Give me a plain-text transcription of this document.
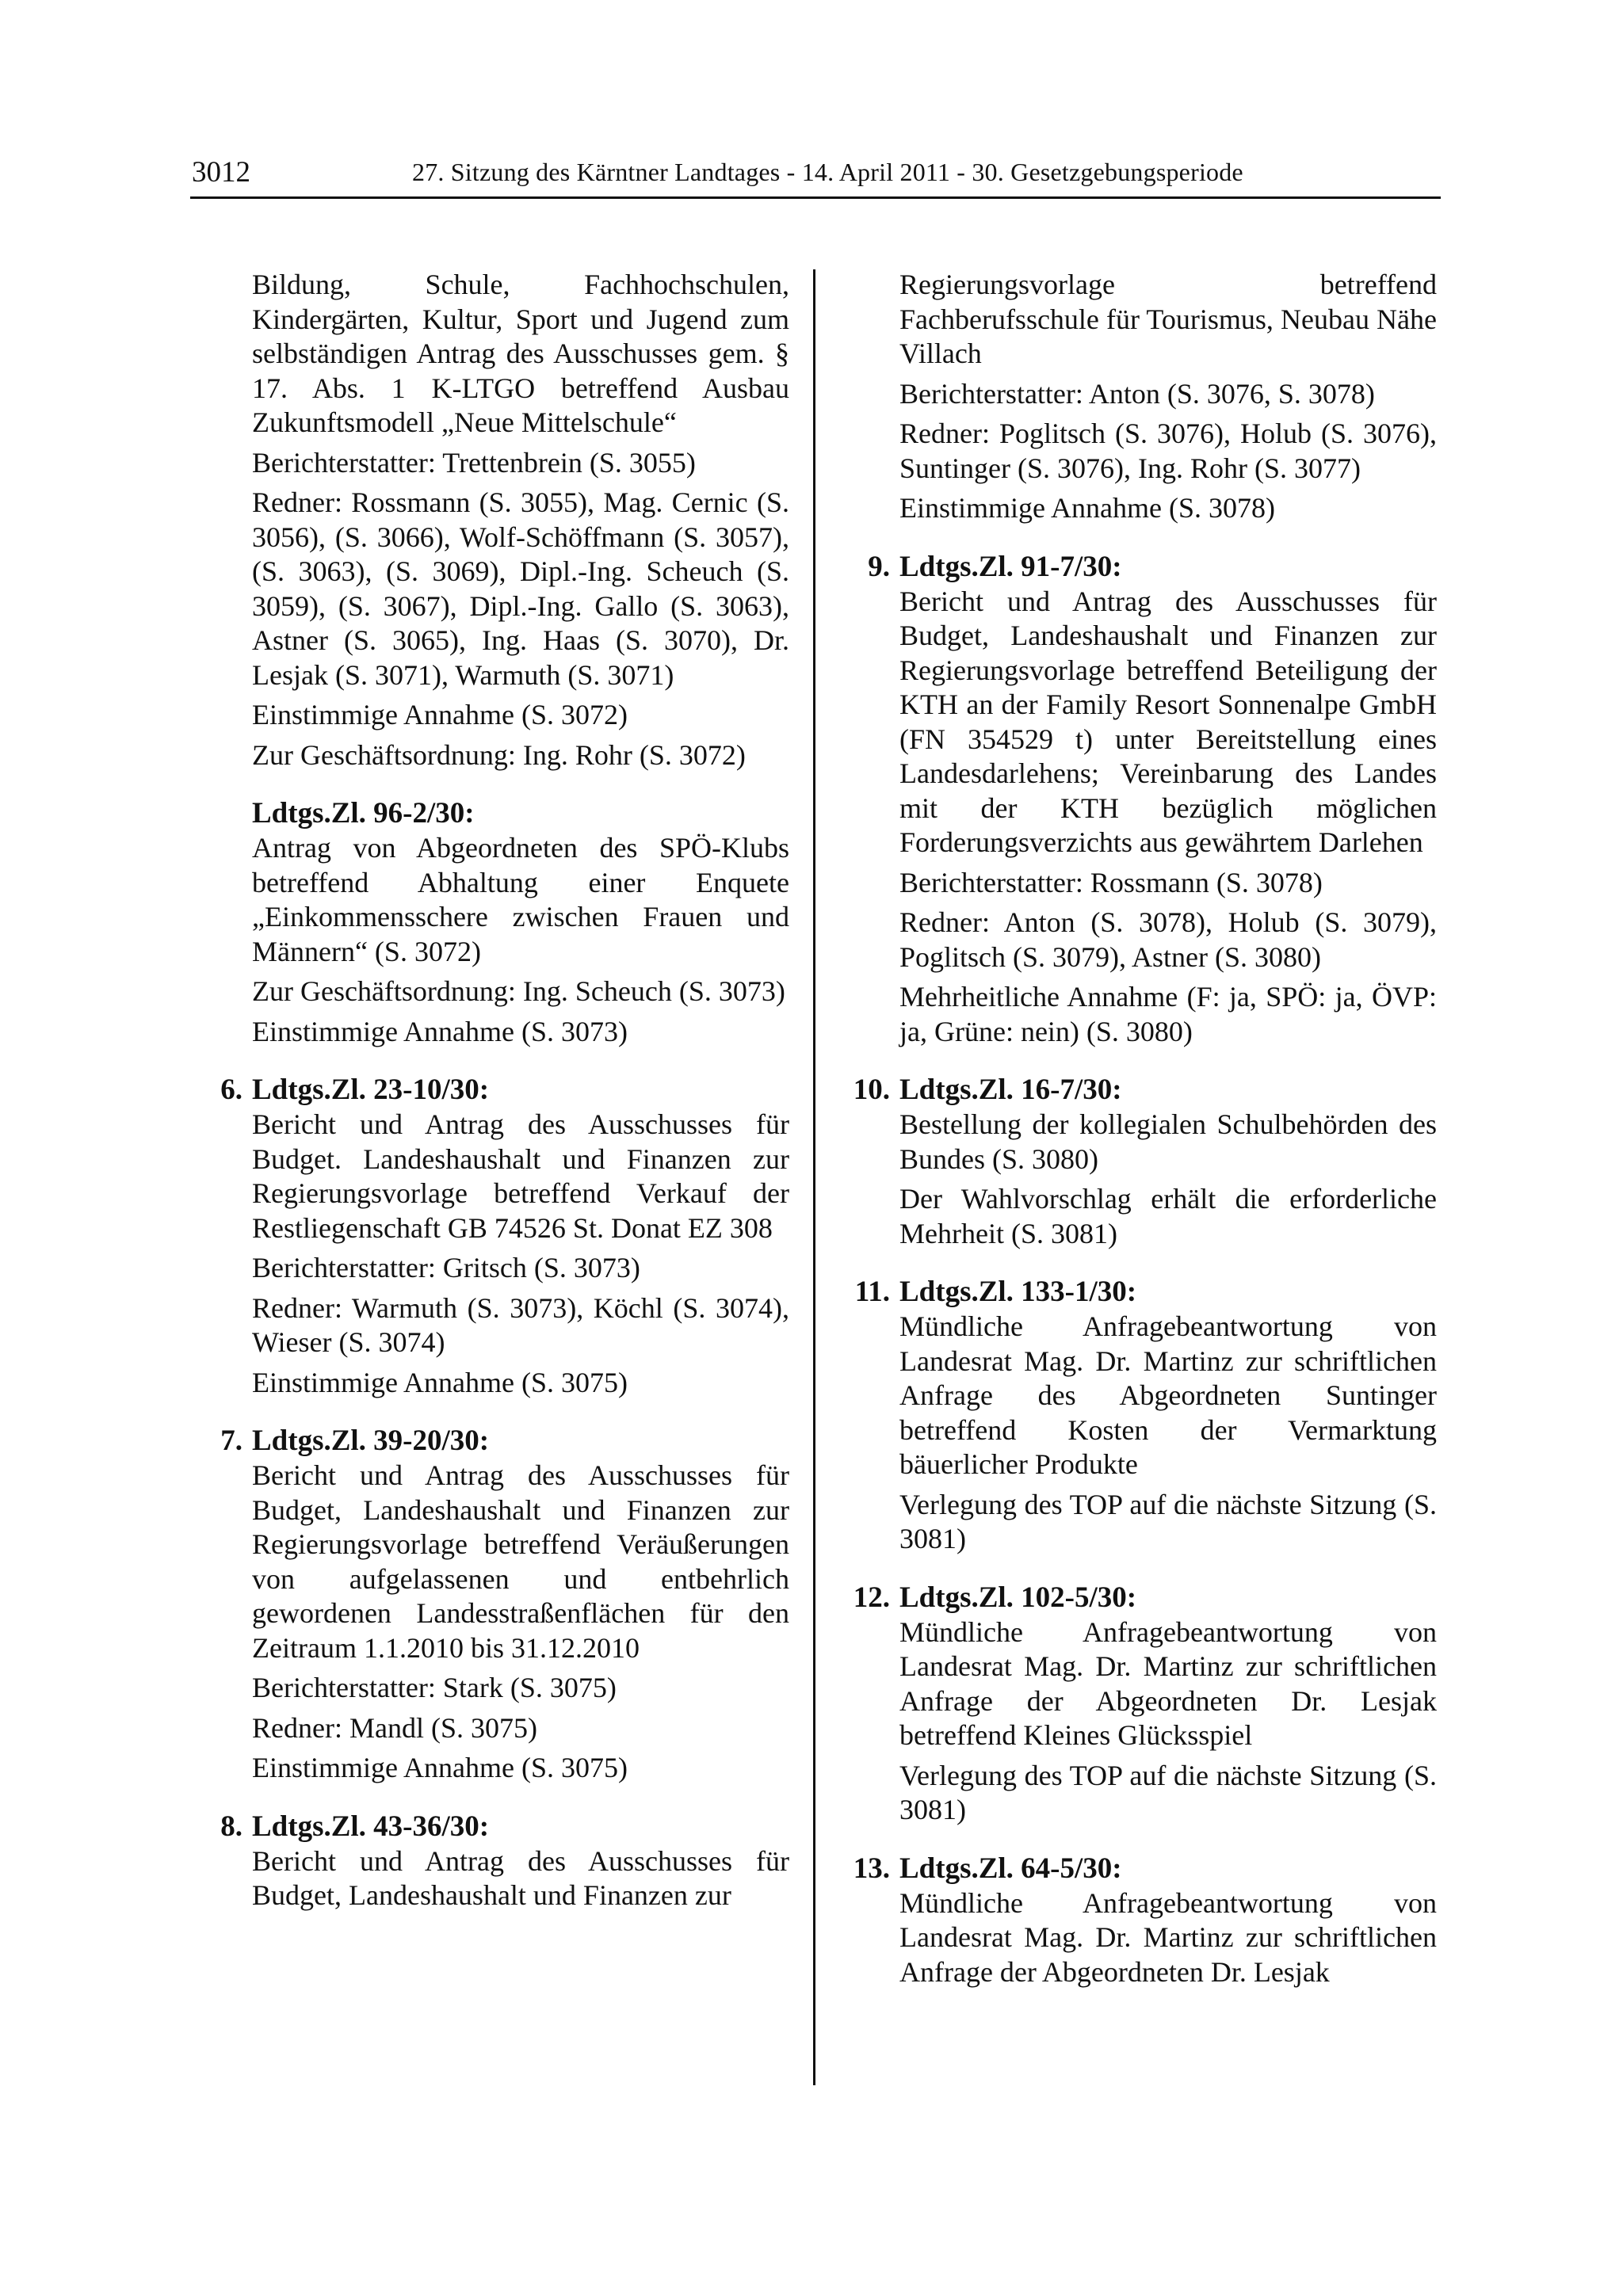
3012	27. Sitzung des Kärntner Landtages - 14. April 2011 - 30. Gesetzgebungsperiode

Bildung, Schule, Fachhochschulen, Kindergärten, Kultur, Sport und Jugend zum selbständigen Antrag des Ausschusses gem. § 17. Abs. 1 K-LTGO betreffend Ausbau Zukunftsmodell „Neue Mittelschule“

Berichterstatter: Trettenbrein (S. 3055)

Redner: Rossmann (S. 3055), Mag. Cernic (S. 3056), (S. 3066), Wolf-Schöffmann (S. 3057), (S. 3063), (S. 3069), Dipl.-Ing. Scheuch (S. 3059), (S. 3067), Dipl.-Ing. Gallo (S. 3063), Astner (S. 3065), Ing. Haas (S. 3070), Dr. Lesjak (S. 3071), Warmuth (S. 3071)

Einstimmige Annahme (S. 3072)

Zur Geschäftsordnung: Ing. Rohr (S. 3072)

Ldtgs.Zl. 96-2/30:

Antrag von Abgeordneten des SPÖ-Klubs betreffend Abhaltung einer Enquete „Einkommensschere zwischen Frauen und Männern“ (S. 3072)

Zur Geschäftsordnung: Ing. Scheuch (S. 3073)

Einstimmige Annahme (S. 3073)

6. Ldtgs.Zl. 23-10/30:

Bericht und Antrag des Ausschusses für Budget. Landeshaushalt und Finanzen zur Regierungsvorlage betreffend Verkauf der Restliegenschaft GB 74526 St. Donat EZ 308

Berichterstatter: Gritsch (S. 3073)

Redner: Warmuth (S. 3073), Köchl (S. 3074), Wieser (S. 3074)

Einstimmige Annahme (S. 3075)

7. Ldtgs.Zl. 39-20/30:

Bericht und Antrag des Ausschusses für Budget, Landeshaushalt und Finanzen zur Regierungsvorlage betreffend Veräußerungen von aufgelassenen und entbehrlich gewordenen Landesstraßenflächen für den Zeitraum 1.1.2010 bis 31.12.2010

Berichterstatter: Stark (S. 3075)

Redner: Mandl (S. 3075)

Einstimmige Annahme (S. 3075)

8. Ldtgs.Zl. 43-36/30:

Bericht und Antrag des Ausschusses für Budget, Landeshaushalt und Finanzen zur

Regierungsvorlage betreffend Fachberufsschule für Tourismus, Neubau Nähe Villach

Berichterstatter: Anton (S. 3076, S. 3078)

Redner: Poglitsch (S. 3076), Holub (S. 3076), Suntinger (S. 3076), Ing. Rohr (S. 3077)

Einstimmige Annahme (S. 3078)

9. Ldtgs.Zl. 91-7/30:

Bericht und Antrag des Ausschusses für Budget, Landeshaushalt und Finanzen zur Regierungsvorlage betreffend Beteiligung der KTH an der Family Resort Sonnenalpe GmbH (FN 354529 t) unter Bereitstellung eines Landesdarlehens; Vereinbarung des Landes mit der KTH bezüglich möglichen Forderungsverzichts aus gewährtem Darlehen

Berichterstatter: Rossmann (S. 3078)

Redner: Anton (S. 3078), Holub (S. 3079), Poglitsch (S. 3079), Astner (S. 3080)

Mehrheitliche Annahme (F: ja, SPÖ: ja, ÖVP: ja, Grüne: nein) (S. 3080)

10. Ldtgs.Zl. 16-7/30:

Bestellung der kollegialen Schulbehörden des Bundes (S. 3080)

Der Wahlvorschlag erhält die erforderliche Mehrheit (S. 3081)

11. Ldtgs.Zl. 133-1/30:

Mündliche Anfragebeantwortung von Landesrat Mag. Dr. Martinz zur schriftlichen Anfrage des Abgeordneten Suntinger betreffend Kosten der Vermarktung bäuerlicher Produkte

Verlegung des TOP auf die nächste Sitzung (S. 3081)

12. Ldtgs.Zl. 102-5/30:

Mündliche Anfragebeantwortung von Landesrat Mag. Dr. Martinz zur schriftlichen Anfrage der Abgeordneten Dr. Lesjak betreffend Kleines Glücksspiel

Verlegung des TOP auf die nächste Sitzung (S. 3081)

13. Ldtgs.Zl. 64-5/30:

Mündliche Anfragebeantwortung von Landesrat Mag. Dr. Martinz zur schriftlichen Anfrage der Abgeordneten Dr. Lesjak
